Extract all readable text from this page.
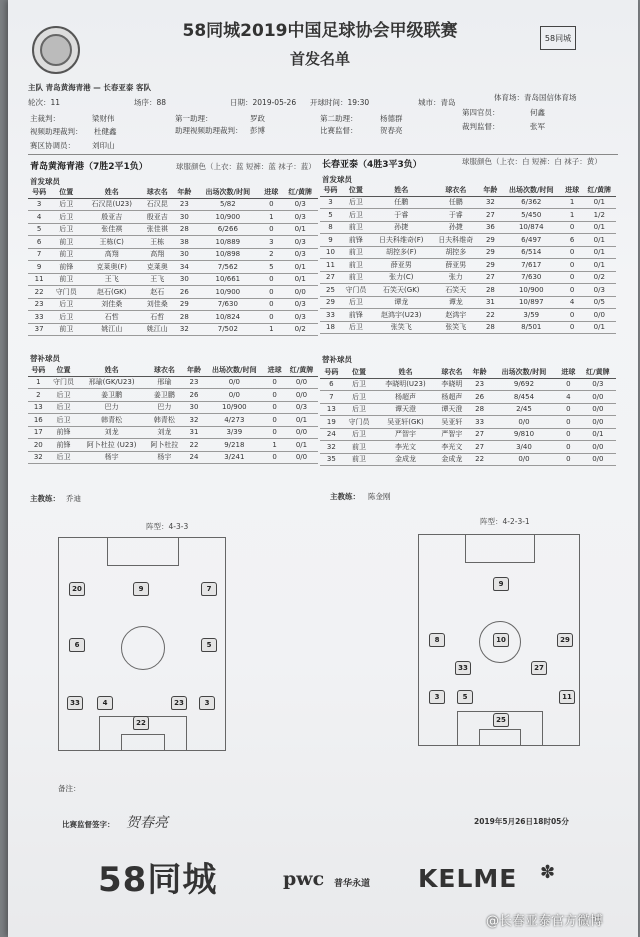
58同城2019中国足球协会甲级联赛
首发名单
58同城
主队 青岛黄海青港 — 长春亚泰 客队
轮次：11	场序：88	日期：2019-05-26 开球时间：19:30	城市：青岛
体育场：青岛国信体育场
主裁判：	梁财伟	第一助理：	罗政	第二助理：	杨德群
第四官员：	何鑫
视频助理裁判： 杜健鑫	助理视频助理裁判： 彭博	比赛监督：	贺春亮	裁判监督：	张军
赛区协调员： 刘印山
青岛黄海青港（7胜2平1负）	球服颜色（上衣：蓝 短裤：蓝 袜子：蓝） 长春亚泰（4胜3平3负）	球服颜色（上衣：白 短裤：白 袜子：黄）
首发球员	首发球员
号码	位置	姓名	球衣名	年龄	出场次数/时间	进球	红/黄牌
3	后卫	石汉昆(U23)	石汉昆	23	5/82	0	0/3
4	后卫	殷亚吉	殷亚吉	30	10/900	1	0/3
5	后卫	张佳祺	张佳祺	28	6/266	0	0/1
6	前卫	王栋(C)	王栋	38	10/889	3	0/3
7	前卫	高翔	高翔	30	10/898	2	0/3
9	前锋	克莱奥(F)	克莱奥	34	7/562	5	0/1
11	前卫	王飞	王飞	30	10/661	0	0/1
22	守门员	赵石(GK)	赵石	26	10/900	0	0/0
23	后卫	刘佳桑	刘佳桑	29	7/630	0	0/3
33	后卫	石哲	石哲	28	10/824	0	0/3
37	前卫	姚江山	姚江山	32	7/502	1	0/2
号码	位置	姓名	球衣名	年龄	出场次数/时间	进球	红/黄牌
3	后卫	任鹏	任鹏	32	6/362	1	0/1
5	后卫	于睿	于睿	27	5/450	1	1/2
8	前卫	孙捷	孙捷	36	10/874	0	0/1
9	前锋	日夫科维奇(F)	日夫科维奇	29	6/497	6	0/1
10	前卫	胡控多(F)	胡控多	29	6/514	0	0/1
11	前卫	薛亚男	薛亚男	29	7/617	0	0/1
27	前卫	张力(C)	张力	27	7/630	0	0/2
25	守门员	石笑天(GK)	石笑天	28	10/900	0	0/3
29	后卫	谭龙	谭龙	31	10/897	4	0/5
33	前锋	赵鸿宇(U23)	赵鸿宇	22	3/59	0	0/0
18	后卫	张笑飞	张笑飞	28	8/501	0	0/1
替补球员	替补球员
号码	位置	姓名	球衣名	年龄	出场次数/时间	进球	红/黄牌
1	守门员	邢瑜(GK/U23)	邢瑜	23	0/0	0	0/0
2	后卫	姜卫鹏	姜卫鹏	26	0/0	0	0/0
13	后卫	巴力	巴力	30	10/900	0	0/3
16	后卫	韩青松	韩青松	32	4/273	0	0/1
17	前锋	刘龙	刘龙	31	3/39	0	0/0
20	前锋	阿卜杜拉 (U23)	阿卜杜拉	22	9/218	1	0/1
32	后卫	杨宇	杨宇	24	3/241	0	0/0
号码	位置	姓名	球衣名	年龄	出场次数/时间	进球	红/黄牌
6	后卫	李晓明(U23)	李晓明	23	9/692	0	0/3
7	后卫	杨超声	杨超声	26	8/454	4	0/0
13	后卫	谭天澄	谭天澄	28	2/45	0	0/0
19	守门员	吴亚轩(GK)	吴亚轩	33	0/0	0	0/0
24	后卫	严智宇	严智宇	27	9/810	0	0/1
32	前卫	李光文	李光文	27	3/40	0	0/0
35	前卫	金成龙	金成龙	22	0/0	0	0/0
主教练： 乔迪	主教练： 陈金刚
阵型：4-3-3
阵型：4-2-3-1
20	7
9
6	5
4
33
22
23	3
9
10	29
8
27
33
3	5	11
25
备注：
比赛监督签字： 贺春亮	2019年5月26日18时05分
58同城	pwc 普华永道 KELME ✽
@长春亚泰官方微博
